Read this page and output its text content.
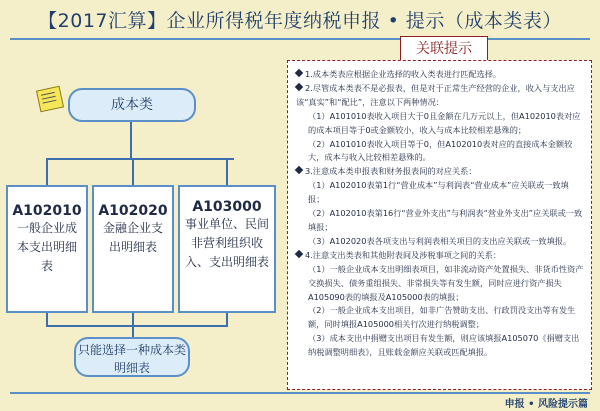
【2017汇算】企业所得税年度纳税申报 • 提示（成本类表）
成本类
A102010
一般企业成本支出明细表
A102020
金融企业支出明细表
A103000
事业单位、民间非营利组织收入、支出明细表
只能选择一种成本类明细表
关联提示

1.成本类表应根据企业选择的收入类表进行匹配选择。

2.尽管成本类表不是必报表，但是对于正常生产经营的企业，收入与支出应该“真实”和“配比”，注意以下两种情况：

（1）A101010表收入项目大于0且金额在几万元以上，但A102010表对应的成本项目等于0或金额较小，收入与成本比较相差悬殊的；

（2）A101010表收入项目等于0，但A102010表对应的直接成本金额较大，成本与收入比较相差悬殊的。

3.注意成本类申报表和财务报表间的对应关系：

（1）A102010表第1行“营业成本”与利润表“营业成本”应关联或一致填报；

（2）A102010表第16行“营业外支出”与利润表“营业外支出”应关联或一致填报；

（3）A102020表各项支出与利润表相关项目的支出应关联或一致填报。

4.注意支出类表和其他附表间及涉税事项之间的关系：

（1）一般企业成本支出明细表项目，如非流动资产处置损失、非货币性资产交换损失、债务重组损失、非常损失等有发生额，同时应进行资产损失A105090表的填报及A105000表的填报；

（2）一般企业成本支出项目，如非广告赞助支出、行政罚没支出等有发生额，同时填报A105000相关行次进行纳税调整；

（3）成本支出中捐赠支出项目有发生额，则应该填报A105070《捐赠支出纳税调整明细表》，且账载金额应关联或匹配填报。

申报 • 风险提示篇
